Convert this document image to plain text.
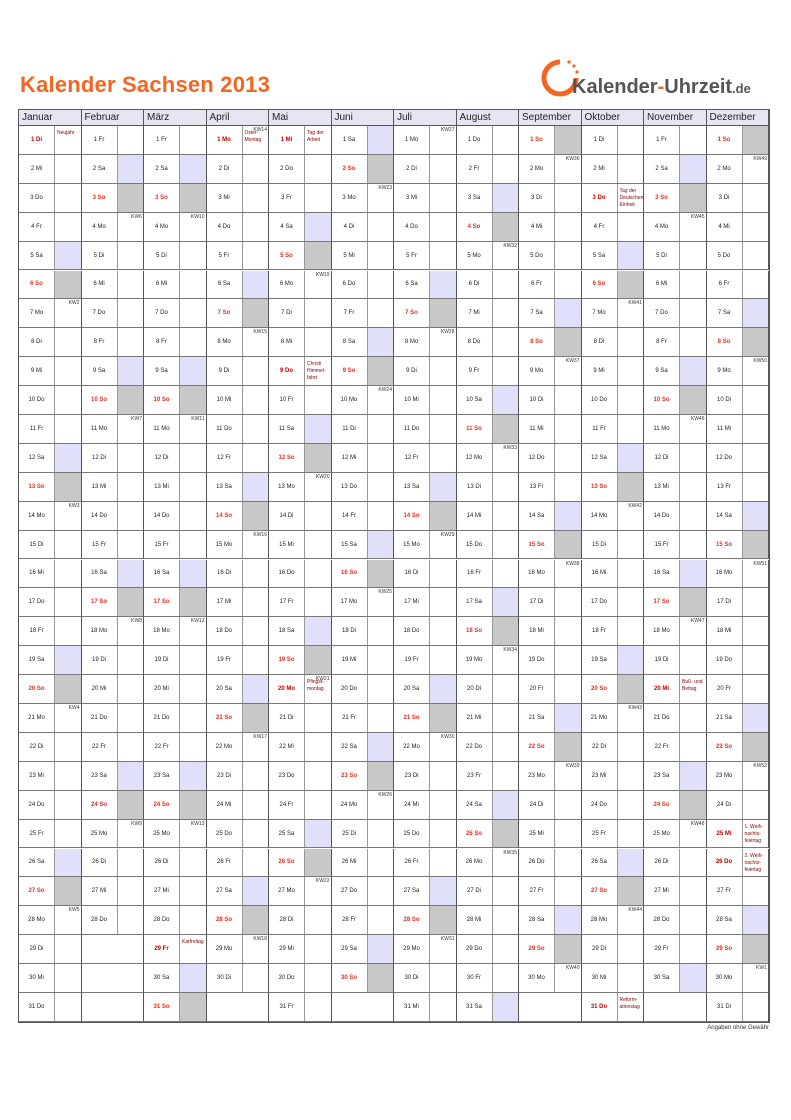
Kalender Sachsen 2013	Kalender-Uhrzeit.de
Januar
1 Di
Neujahr
2 Mi
3 Do
4 Fr
5 Sa
6 So
7 Mo
KW2
8 Di
9 Mi
10 Do
11 Fr
12 Sa
13 So
14 Mo
KW3
15 Di
16 Mi
17 Do
18 Fr
19 Sa
20 So
21 Mo
KW4
22 Di
23 Mi
24 Do
25 Fr
26 Sa
27 So
28 Mo
KW5
29 Di
30 Mi
31 Do
Februar
1 Fr
2 Sa
3 So
4 Mo
KW6
5 Di
6 Mi
7 Do
8 Fr
9 Sa
10 So
11 Mo
KW7
12 Di
13 Mi
14 Do
15 Fr
16 Sa
17 So
18 Mo
KW8
19 Di
20 Mi
21 Do
22 Fr
23 Sa
24 So
25 Mo
KW9
26 Di
27 Mi
28 Do
März
1 Fr
2 Sa
3 So
4 Mo
KW10
5 Di
6 Mi
7 Do
8 Fr
9 Sa
10 So
11 Mo
KW11
12 Di
13 Mi
14 Do
15 Fr
16 Sa
17 So
18 Mo
KW12
19 Di
20 Mi
21 Do
22 Fr
23 Sa
24 So
25 Mo
KW13
26 Di
27 Mi
28 Do
29 Fr
Karfreitag
30 Sa
31 So
April
1 Mo
Oster-Montag
KW14
2 Di
3 Mi
4 Do
5 Fr
6 Sa
7 So
8 Mo
KW15
9 Di
10 Mi
11 Do
12 Fr
13 Sa
14 So
15 Mo
KW16
16 Di
17 Mi
18 Do
19 Fr
20 Sa
21 So
22 Mo
KW17
23 Di
24 Mi
25 Do
26 Fr
27 Sa
28 So
29 Mo
KW18
30 Di
Mai
1 Mi
Tag der Arbeit
2 Do
3 Fr
4 Sa
5 So
6 Mo
KW19
7 Di
8 Mi
9 Do
Christi Himmel-fahrt
10 Fr
11 Sa
12 So
13 Mo
KW20
14 Di
15 Mi
16 Do
17 Fr
18 Sa
19 So
20 Mo
Pfingst-montag
KW21
21 Di
22 Mi
23 Do
24 Fr
25 Sa
26 So
27 Mo
KW22
28 Di
29 Mi
30 Do
31 Fr
Juni
1 Sa
2 So
3 Mo
KW23
4 Di
5 Mi
6 Do
7 Fr
8 Sa
9 So
10 Mo
KW24
11 Di
12 Mi
13 Do
14 Fr
15 Sa
16 So
17 Mo
KW25
18 Di
19 Mi
20 Do
21 Fr
22 Sa
23 So
24 Mo
KW26
25 Di
26 Mi
27 Do
28 Fr
29 Sa
30 So
Juli
1 Mo
KW27
2 Di
3 Mi
4 Do
5 Fr
6 Sa
7 So
8 Mo
KW28
9 Di
10 Mi
11 Do
12 Fr
13 Sa
14 So
15 Mo
KW29
16 Di
17 Mi
18 Do
19 Fr
20 Sa
21 So
22 Mo
KW30
23 Di
24 Mi
25 Do
26 Fr
27 Sa
28 So
29 Mo
KW31
30 Di
31 Mi
August
1 Do
2 Fr
3 Sa
4 So
5 Mo
KW32
6 Di
7 Mi
8 Do
9 Fr
10 Sa
11 So
12 Mo
KW33
13 Di
14 Mi
15 Do
16 Fr
17 Sa
18 So
19 Mo
KW34
20 Di
21 Mi
22 Do
23 Fr
24 Sa
25 So
26 Mo
KW35
27 Di
28 Mi
29 Do
30 Fr
31 Sa
September
1 So
2 Mo
KW36
3 Di
4 Mi
5 Do
6 Fr
7 Sa
8 So
9 Mo
KW37
10 Di
11 Mi
12 Do
13 Fr
14 Sa
15 So
16 Mo
KW38
17 Di
18 Mi
19 Do
20 Fr
21 Sa
22 So
23 Mo
KW39
24 Di
25 Mi
26 Do
27 Fr
28 Sa
29 So
30 Mo
KW40
Oktober
1 Di
2 Mi
3 Do
Tag der Deutschen Einheit
4 Fr
5 Sa
6 So
7 Mo
KW41
8 Di
9 Mi
10 Do
11 Fr
12 Sa
13 So
14 Mo
KW42
15 Di
16 Mi
17 Do
18 Fr
19 Sa
20 So
21 Mo
KW43
22 Di
23 Mi
24 Do
25 Fr
26 Sa
27 So
28 Mo
KW44
29 Di
30 Mi
31 Do
Reform-ationstag
November
1 Fr
2 Sa
3 So
4 Mo
KW45
5 Di
6 Mi
7 Do
8 Fr
9 Sa
10 So
11 Mo
KW46
12 Di
13 Mi
14 Do
15 Fr
16 Sa
17 So
18 Mo
KW47
19 Di
20 Mi
Buß- und Bettag
21 Do
22 Fr
23 Sa
24 So
25 Mo
KW48
26 Di
27 Mi
28 Do
29 Fr
30 Sa
Dezember
1 So
2 Mo
KW49
3 Di
4 Mi
5 Do
6 Fr
7 Sa
8 So
9 Mo
KW50
10 Di
11 Mi
12 Do
13 Fr
14 Sa
15 So
16 Mo
KW51
17 Di
18 Mi
19 Do
20 Fr
21 Sa
22 So
23 Mo
KW52
24 Di
25 Mi
1. Weih-nachts-feiertag
26 Do
2. Weih-nachts-feiertag
27 Fr
28 Sa
29 So
30 Mo
KW1
31 Di
Angaben ohne Gewähr
